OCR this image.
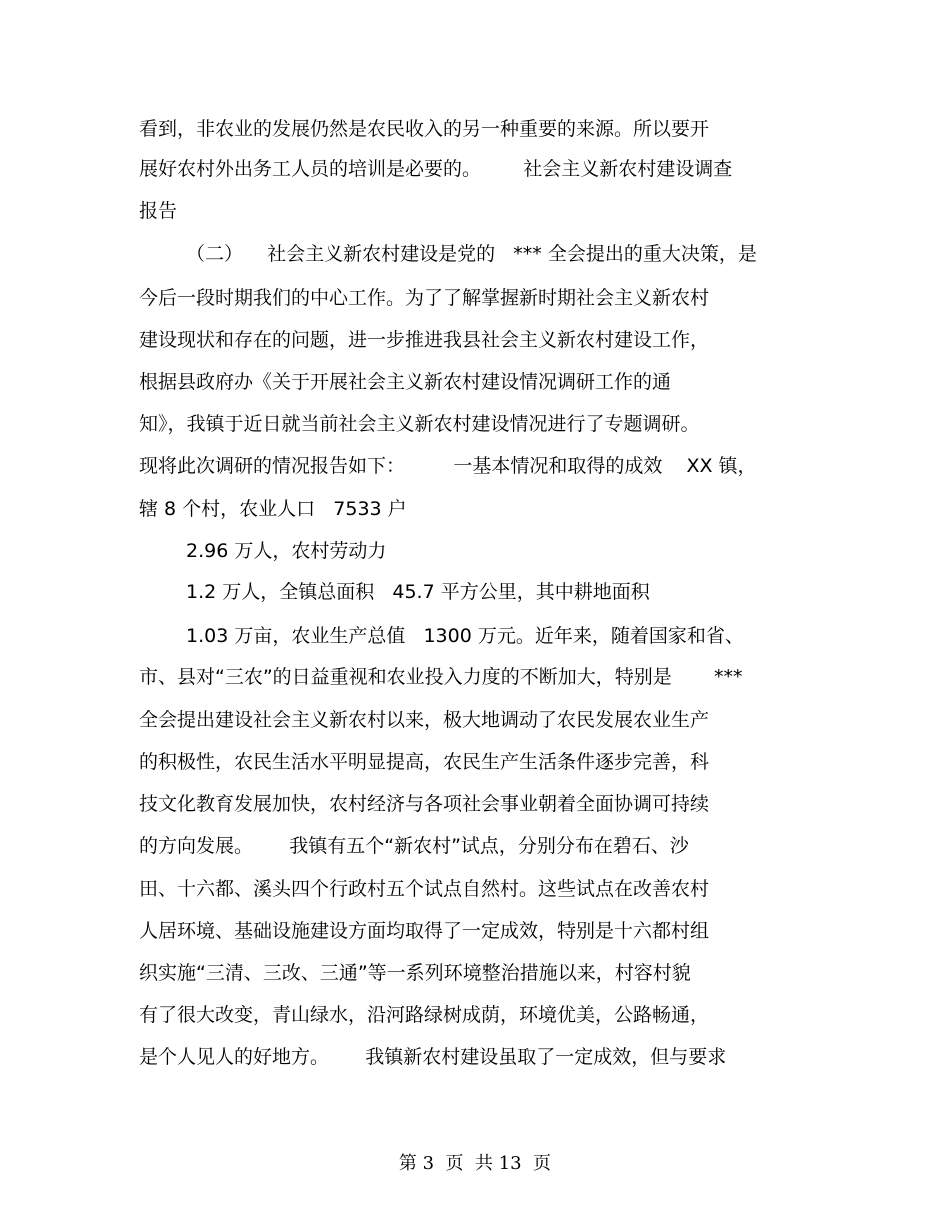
看到，非农业的发展仍然是农民收入的另一种重要的来源。所以要开

展好农村外出务工人员的培训是必要的。       社会主义新农村建设调查

报告

（二）    社会主义新农村建设是党的   *** 全会提出的重大决策，是

今后一段时期我们的中心工作。为了了解掌握新时期社会主义新农村

建设现状和存在的问题，进一步推进我县社会主义新农村建设工作，

根据县政府办《关于开展社会主义新农村建设情况调研工作的通

知》，我镇于近日就当前社会主义新农村建设情况进行了专题调研。

现将此次调研的情况报告如下：        一基本情况和取得的成效    XX 镇，

辖 8 个村，农业人口   7533 户

2.96 万人，农村劳动力

1.2 万人，全镇总面积   45.7 平方公里，其中耕地面积

1.03 万亩，农业生产总值   1300 万元。近年来，随着国家和省、

市、县对“三农”的日益重视和农业投入力度的不断加大，特别是       ***

全会提出建设社会主义新农村以来，极大地调动了农民发展农业生产

的积极性，农民生活水平明显提高，农民生产生活条件逐步完善，科

技文化教育发展加快，农村经济与各项社会事业朝着全面协调可持续

的方向发展。      我镇有五个“新农村”试点，分别分布在碧石、沙

田、十六都、溪头四个行政村五个试点自然村。这些试点在改善农村

人居环境、基础设施建设方面均取得了一定成效，特别是十六都村组

织实施“三清、三改、三通”等一系列环境整治措施以来，村容村貌

有了很大改变，青山绿水，沿河路绿树成荫，环境优美，公路畅通，

是个人见人的好地方。      我镇新农村建设虽取了一定成效，但与要求

第 3  页  共 13  页
